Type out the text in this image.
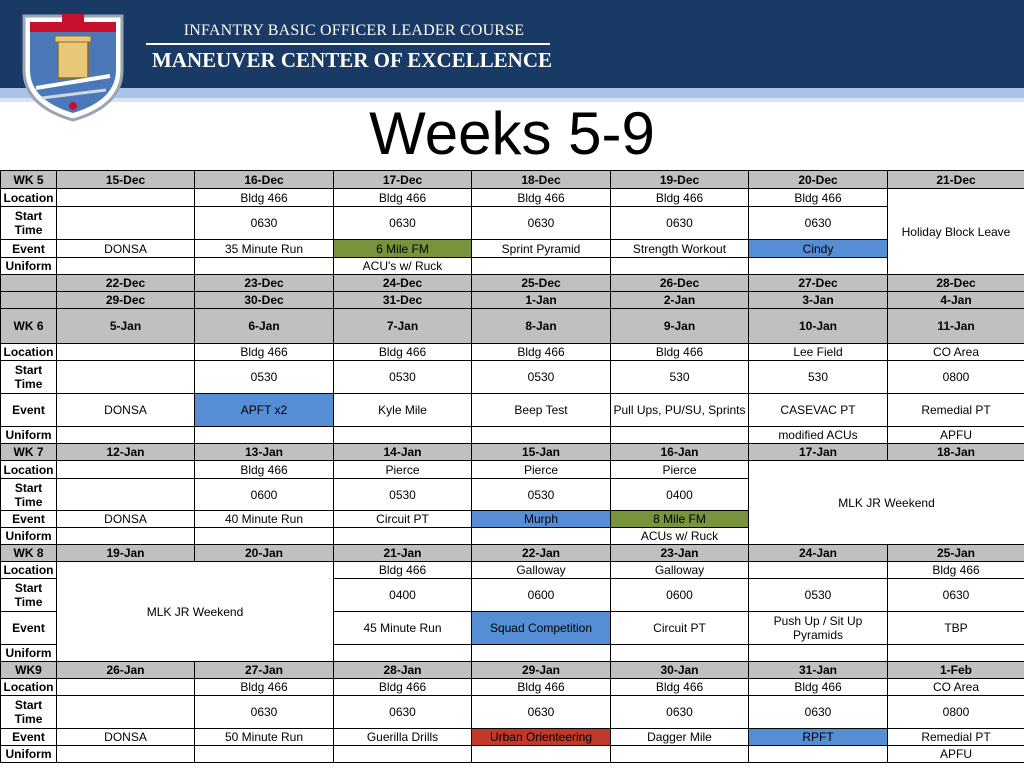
INFANTRY BASIC OFFICER LEADER COURSE
MANEUVER CENTER OF EXCELLENCE
Weeks 5-9
WK 5	15-Dec	16-Dec	17-Dec	18-Dec	19-Dec	20-Dec	21-Dec
Location		Bldg 466	Bldg 466	Bldg 466	Bldg 466	Bldg 466	Holiday Block Leave
Start Time		0630	0630	0630	0630	0630	
Event	DONSA	35 Minute Run	6 Mile FM	Sprint Pyramid	Strength Workout	Cindy	
Uniform			ACU's w/ Ruck				
	22-Dec	23-Dec	24-Dec	25-Dec	26-Dec	27-Dec	28-Dec
	29-Dec	30-Dec	31-Dec	1-Jan	2-Jan	3-Jan	4-Jan
WK 6	5-Jan	6-Jan	7-Jan	8-Jan	9-Jan	10-Jan	11-Jan
Location		Bldg 466	Bldg 466	Bldg 466	Bldg 466	Lee Field	CO Area
Start Time		0530	0530	0530	530	530	0800
Event	DONSA	APFT x2	Kyle Mile	Beep Test	Pull Ups, PU/SU, Sprints	CASEVAC PT	Remedial PT
Uniform						modified ACUs	APFU
WK 7	12-Jan	13-Jan	14-Jan	15-Jan	16-Jan	17-Jan	18-Jan
Location		Bldg 466	Pierce	Pierce	Pierce	MLK JR Weekend	
Start Time		0600	0530	0530	0400		
Event	DONSA	40 Minute Run	Circuit PT	Murph	8 Mile FM		
Uniform					ACUs w/ Ruck		
WK 8	19-Jan	20-Jan	21-Jan	22-Jan	23-Jan	24-Jan	25-Jan
Location	MLK JR Weekend		Bldg 466	Galloway	Galloway		Bldg 466
Start Time			0400	0600	0600	0530	0630
Event			45 Minute Run	Squad Competition	Circuit PT	Push Up / Sit Up Pyramids	TBP
Uniform							
WK9	26-Jan	27-Jan	28-Jan	29-Jan	30-Jan	31-Jan	1-Feb
Location		Bldg 466	Bldg 466	Bldg 466	Bldg 466	Bldg 466	CO Area
Start Time		0630	0630	0630	0630	0630	0800
Event	DONSA	50 Minute Run	Guerilla Drills	Urban Orienteering	Dagger Mile	RPFT	Remedial PT
Uniform							APFU
